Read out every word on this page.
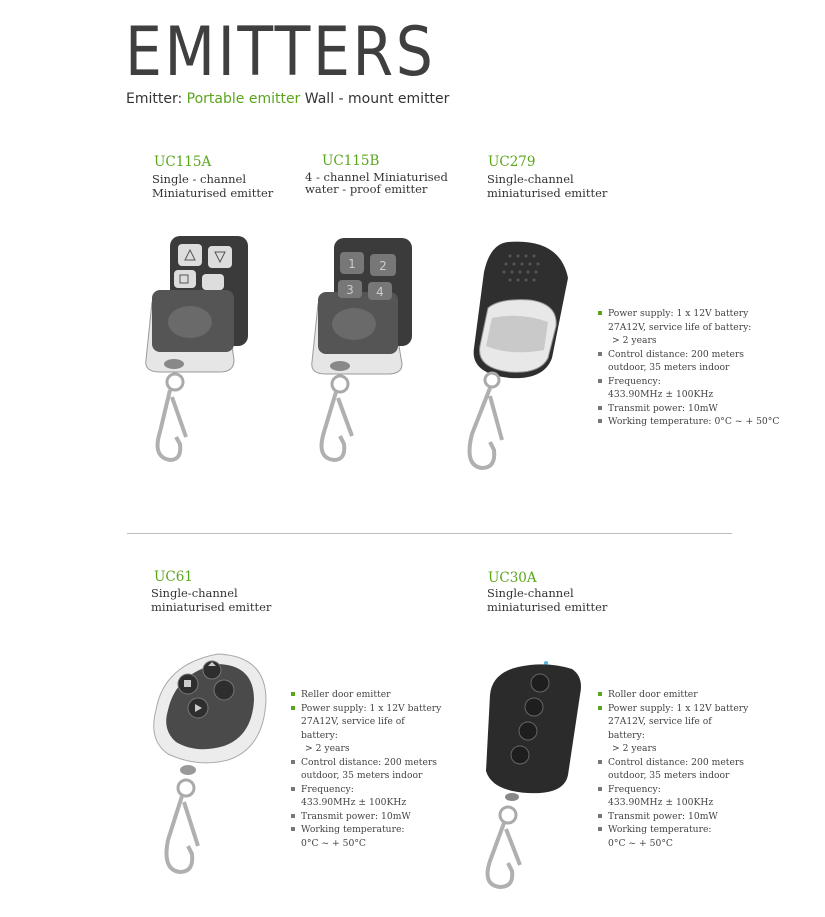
EMITTERS
Emitter: Portable emitter Wall - mount emitter
UC115A
Single - channel
Miniaturised emitter
UC115B
4 - channel Miniaturised
water - proof emitter
UC279
Single-channel
miniaturised emitter
1 2
3 4
Power supply: 1 x 12V battery
27A12V, service life of battery:
> 2 years
Control distance: 200 meters
outdoor, 35 meters indoor
Frequency:
433.90MHz ± 100KHz
Transmit power: 10mW
Working temperature: 0°C ~ + 50°C
UC61
Single-channel
miniaturised emitter
UC30A
Single-channel
miniaturised emitter
Reller door emitter
Power supply: 1 x 12V battery
27A12V, service life of
battery:
> 2 years
Control distance: 200 meters
outdoor, 35 meters indoor
Frequency:
433.90MHz ± 100KHz
Transmit power: 10mW
Working temperature:
0°C ~ + 50°C
Roller door emitter
Power supply: 1 x 12V battery
27A12V, service life of
battery:
> 2 years
Control distance: 200 meters
outdoor, 35 meters indoor
Frequency:
433.90MHz ± 100KHz
Transmit power: 10mW
Working temperature:
0°C ~ + 50°C
